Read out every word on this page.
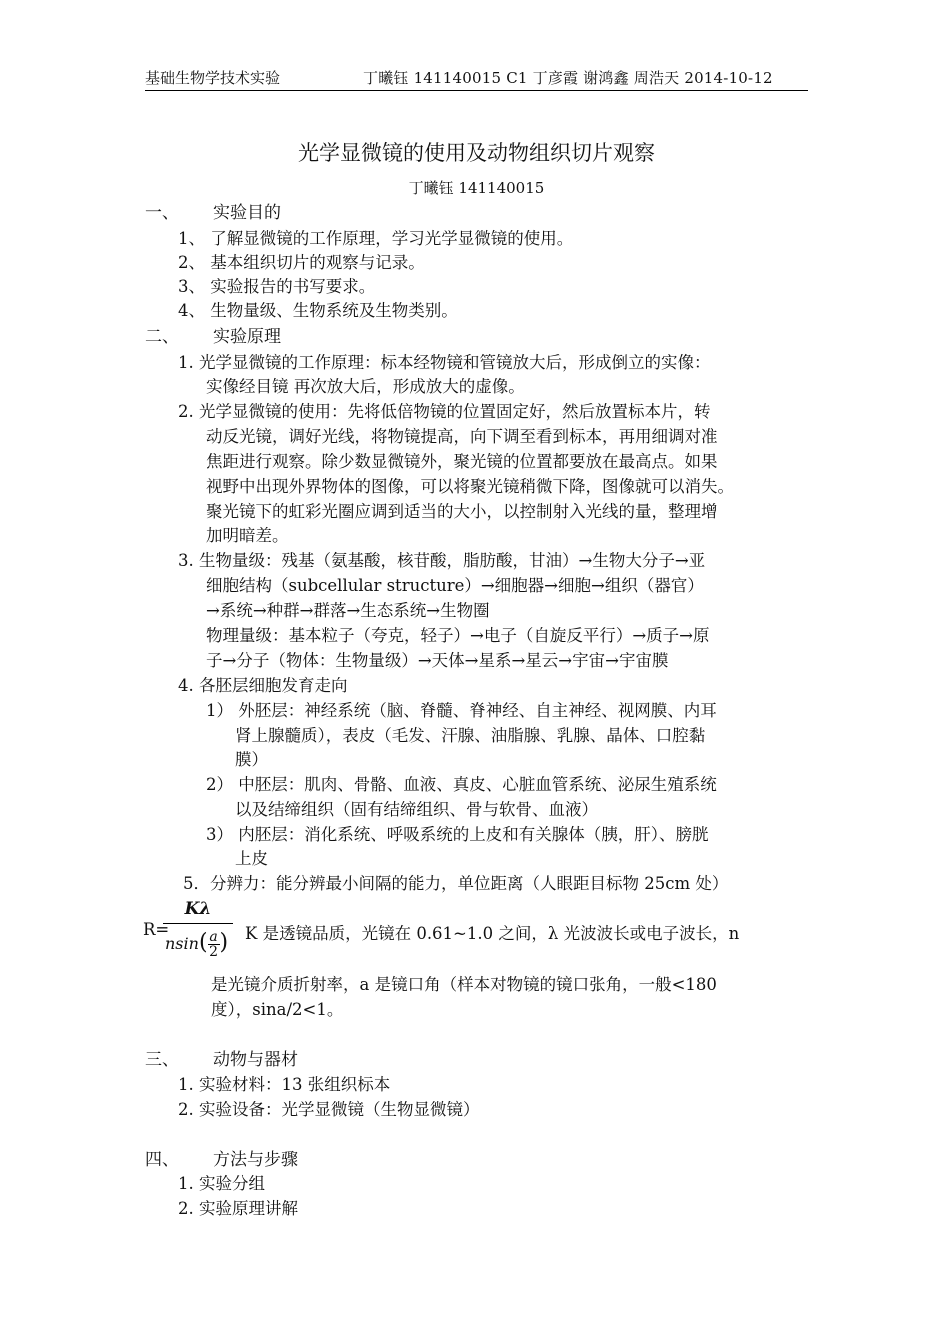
基础生物学技术实验	丁曦钰 141140015 C1 丁彦霞 谢鸿鑫 周浩天 2014-10-12
光学显微镜的使用及动物组织切片观察
丁曦钰 141140015
一、 实验目的
1、 了解显微镜的工作原理，学习光学显微镜的使用。
2、 基本组织切片的观察与记录。
3、 实验报告的书写要求。
4、 生物量级、生物系统及生物类别。
二、 实验原理
1. 光学显微镜的工作原理：标本经物镜和管镜放大后，形成倒立的实像：
实像经目镜 再次放大后，形成放大的虚像。
2. 光学显微镜的使用：先将低倍物镜的位置固定好，然后放置标本片，转
动反光镜，调好光线，将物镜提高，向下调至看到标本，再用细调对准
焦距进行观察。除少数显微镜外，聚光镜的位置都要放在最高点。如果
视野中出现外界物体的图像，可以将聚光镜稍微下降，图像就可以消失。
聚光镜下的虹彩光圈应调到适当的大小，以控制射入光线的量，整理增
加明暗差。
3. 生物量级：残基（氨基酸，核苷酸，脂肪酸，甘油）→生物大分子→亚
细胞结构（subcellular structure）→细胞器→细胞→组织（器官）
→系统→种群→群落→生态系统→生物圈
物理量级：基本粒子（夸克，轻子）→电子（自旋反平行）→质子→原
子→分子（物体：生物量级）→天体→星系→星云→宇宙→宇宙膜
4. 各胚层细胞发育走向
1） 外胚层：神经系统（脑、脊髓、脊神经、自主神经、视网膜、内耳
肾上腺髓质），表皮（毛发、汗腺、油脂腺、乳腺、晶体、口腔黏
膜）
2） 中胚层：肌肉、骨骼、血液、真皮、心脏血管系统、泌尿生殖系统
以及结缔组织（固有结缔组织、骨与软骨、血液）
3） 内胚层：消化系统、呼吸系统的上皮和有关腺体（胰，肝）、膀胱
上皮
5．分辨力：能分辨最小间隔的能力，单位距离（人眼距目标物 25cm 处）
R=
Kλ
$nsin( \frac{a}{2}$ ) K 是透镜品质，光镜在 0.61~1.0 之间，λ 光波波长或电子波长，n
是光镜介质折射率，a 是镜口角（样本对物镜的镜口张角，一般<180
度），sina/2<1。
三、 动物与器材
1. 实验材料：13 张组织标本
2. 实验设备：光学显微镜（生物显微镜）
四、 方法与步骤
1. 实验分组
2. 实验原理讲解
